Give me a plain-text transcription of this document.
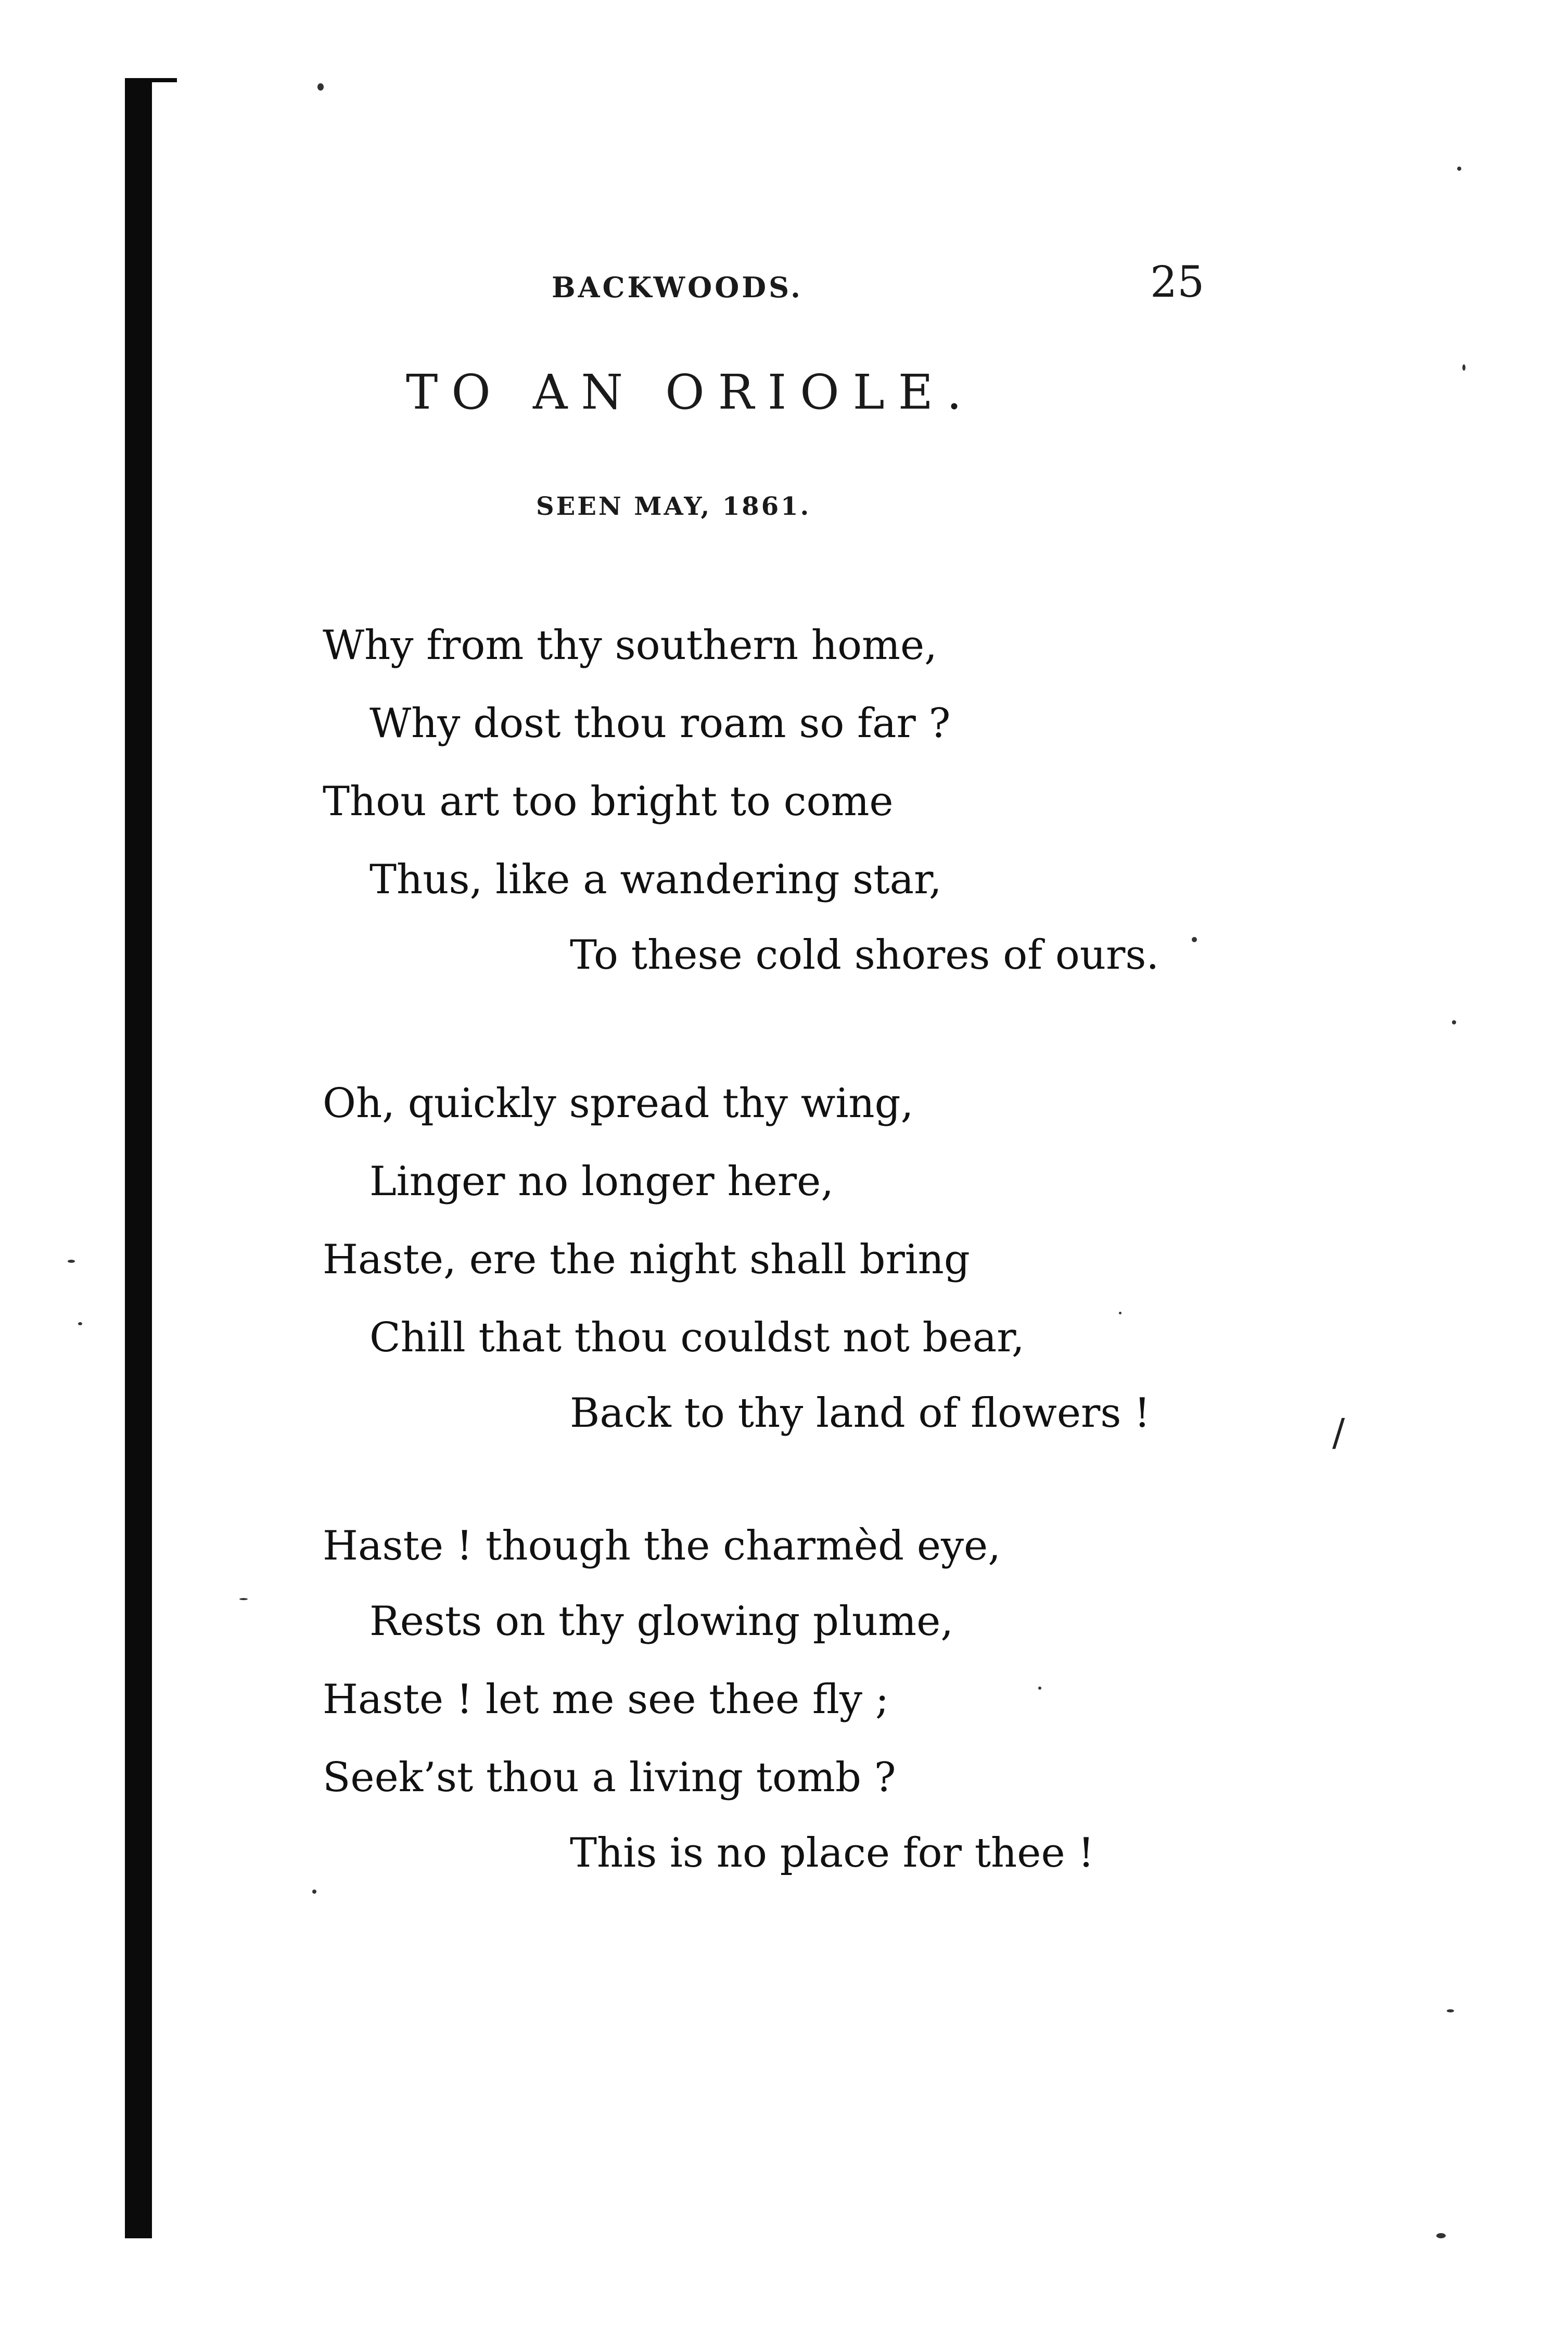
BACKWOODS.	25
TO AN ORIOLE.
SEEN MAY, 1861.
Why from thy southern home,
Why dost thou roam so far ?
Thou art too bright to come
Thus, like a wandering star,
To these cold shores of ours.
Oh, quickly spread thy wing,
Linger no longer here,
Haste, ere the night shall bring
Chill that thou couldst not bear,
Back to thy land of flowers !
Haste ! though the charmèd eye,
Rests on thy glowing plume,
Haste ! let me see thee fly ;
Seek’st thou a living tomb ?
This is no place for thee !
/
